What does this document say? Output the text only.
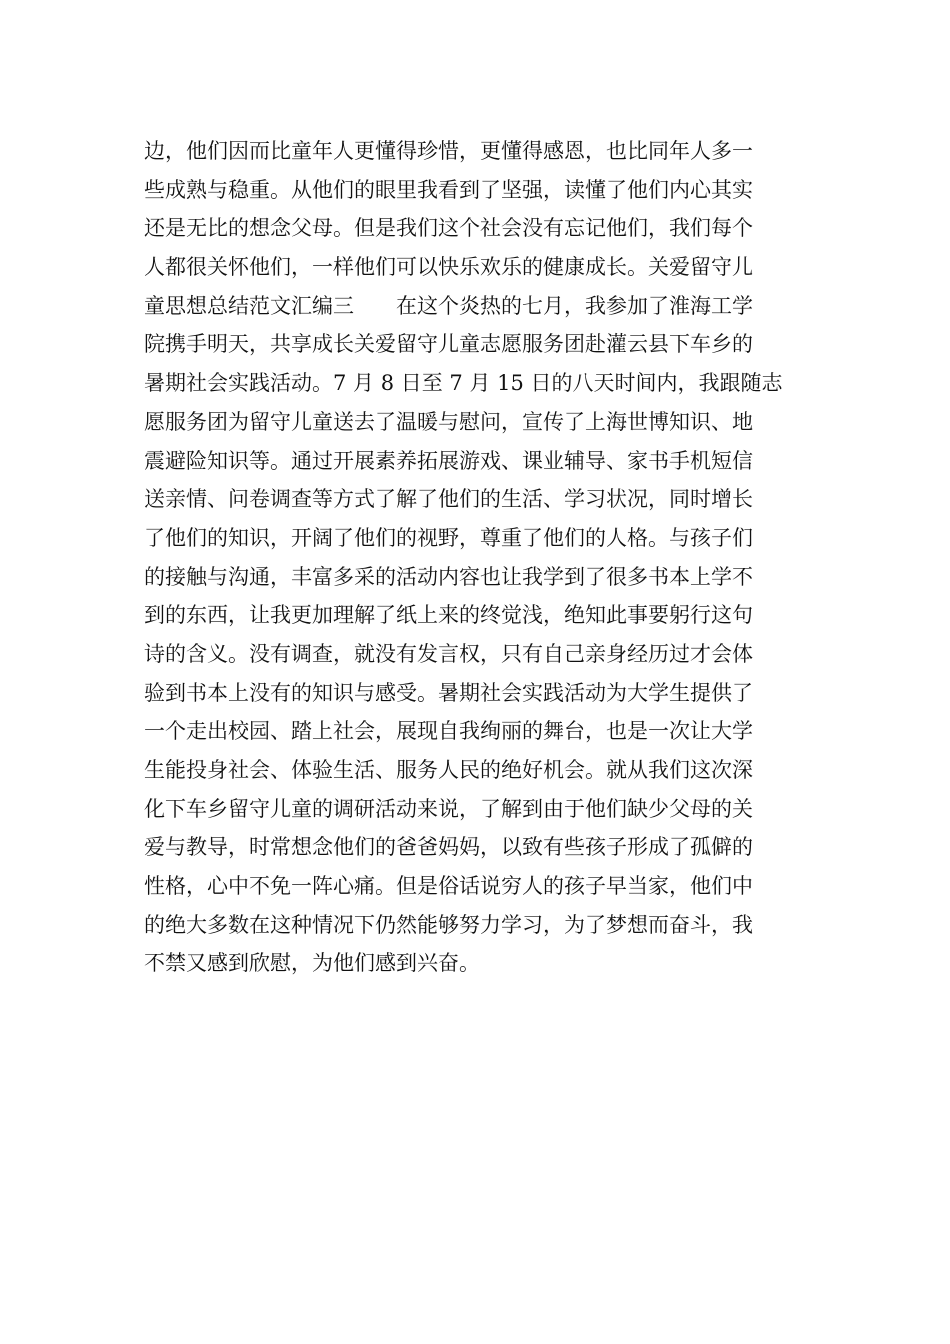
边，他们因而比童年人更懂得珍惜，更懂得感恩，也比同年人多一
些成熟与稳重。从他们的眼里我看到了坚强，读懂了他们内心其实
还是无比的想念父母。但是我们这个社会没有忘记他们，我们每个
人都很关怀他们，一样他们可以快乐欢乐的健康成长。关爱留守儿
童思想总结范文汇编三　　在这个炎热的七月，我参加了淮海工学
院携手明天，共享成长关爱留守儿童志愿服务团赴灌云县下车乡的
暑期社会实践活动。7 月 8 日至 7 月 15 日的八天时间内，我跟随志
愿服务团为留守儿童送去了温暖与慰问，宣传了上海世博知识、地
震避险知识等。通过开展素养拓展游戏、课业辅导、家书手机短信
送亲情、问卷调查等方式了解了他们的生活、学习状况，同时增长
了他们的知识，开阔了他们的视野，尊重了他们的人格。与孩子们
的接触与沟通，丰富多采的活动内容也让我学到了很多书本上学不
到的东西，让我更加理解了纸上来的终觉浅，绝知此事要躬行这句
诗的含义。没有调查，就没有发言权，只有自己亲身经历过才会体
验到书本上没有的知识与感受。暑期社会实践活动为大学生提供了
一个走出校园、踏上社会，展现自我绚丽的舞台，也是一次让大学
生能投身社会、体验生活、服务人民的绝好机会。就从我们这次深
化下车乡留守儿童的调研活动来说，了解到由于他们缺少父母的关
爱与教导，时常想念他们的爸爸妈妈，以致有些孩子形成了孤僻的
性格，心中不免一阵心痛。但是俗话说穷人的孩子早当家，他们中
的绝大多数在这种情况下仍然能够努力学习，为了梦想而奋斗，我
不禁又感到欣慰，为他们感到兴奋。
